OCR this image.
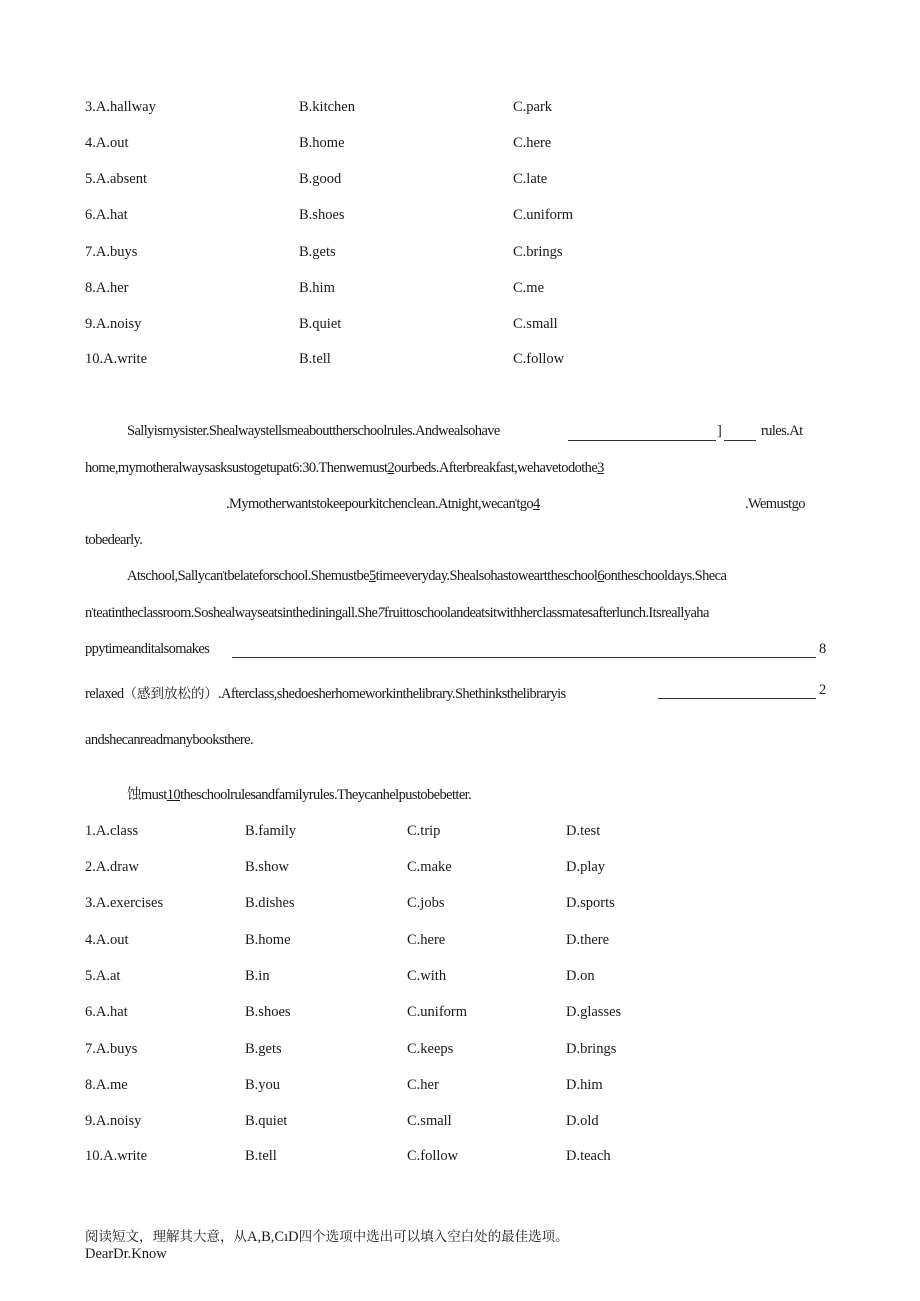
3.A.hallway	B.kitchen	C.park
4.A.out	B.home	C.here
5.A.absent	B.good	C.late
6.A.hat	B.shoes	C.uniform
7.A.buys	B.gets	C.brings
8.A.her	B.him	C.me
9.A.noisy	B.quiet	C.small
10.A.write	B.tell	C.follow
Sallyismysister.Shealwaystellsmeabouttherschoolrules.Andwealsohave	]	rules.At
home,mymotheralwaysasksustogetupat6:30.Thenwemust2ourbeds.Afterbreakfast,wehavetodothe3
.Mymotherwantstokeepourkitchenclean.Atnight,wecan'tgo4	.Wemustgo
tobedearly.
Atschool,Sallycan'tbelateforschool.Shemustbe5timeeveryday.Shealsohastowearttheschool6ontheschooldays.Sheca
n'teatintheclassroom.Soshealwayseatsinthediningall.She7fruittoschoolandeatsitwithherclassmatesafterlunch.Itsreallyaha
ppytimeanditalsomakes	8
relaxed（感到放松的）.Afterclass,shedoesherhomeworkinthelibrary.Shethinksthelibraryis	2
andshecanreadmanybooksthere.
蚀must10theschoolrulesandfamilyrules.Theycanhelpustobebetter.
1.A.class	B.family	C.trip	D.test
2.A.draw	B.show	C.make	D.play
3.A.exercises	B.dishes	C.jobs	D.sports
4.A.out	B.home	C.here	D.there
5.A.at	B.in	C.with	D.on
6.A.hat	B.shoes	C.uniform	D.glasses
7.A.buys	B.gets	C.keeps	D.brings
8.A.me	B.you	C.her	D.him
9.A.noisy	B.quiet	C.small	D.old
10.A.write	B.tell	C.follow	D.teach
阅读短文，理解其大意，从A,B,CıD四个选项中选出可以填入空白处的最佳选项。
DearDr.Know
